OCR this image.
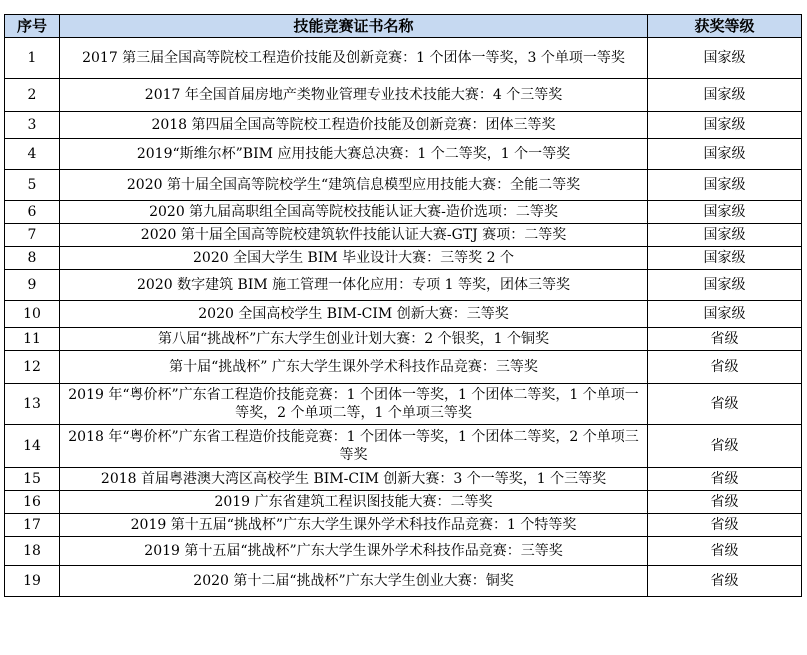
序号	技能竞赛证书名称	获奖等级
1	2017 第三届全国高等院校工程造价技能及创新竞赛：1 个团体一等奖，3 个单项一等奖	国家级
2	2017 年全国首届房地产类物业管理专业技术技能大赛：4 个三等奖	国家级
3	2018 第四届全国高等院校工程造价技能及创新竞赛：团体三等奖	国家级
4	2019“斯维尔杯”BIM 应用技能大赛总决赛：1 个二等奖，1 个一等奖	国家级
5	2020 第十届全国高等院校学生“建筑信息模型应用技能大赛：全能二等奖	国家级
6	2020 第九届高职组全国高等院校技能认证大赛-造价选项：二等奖	国家级
7	2020 第十届全国高等院校建筑软件技能认证大赛-GTJ 赛项：二等奖	国家级
8	2020 全国大学生 BIM 毕业设计大赛：三等奖 2 个	国家级
9	2020 数字建筑 BIM 施工管理一体化应用：专项 1 等奖，团体三等奖	国家级
10	2020 全国高校学生 BIM-CIM 创新大赛：三等奖	国家级
11	第八届“挑战杯”广东大学生创业计划大赛：2 个银奖，1 个铜奖	省级
12	第十届“挑战杯” 广东大学生课外学术科技作品竞赛：三等奖	省级
13	2019 年“粤价杯”广东省工程造价技能竞赛：1 个团体一等奖，1 个团体二等奖，1 个单项一等奖，2 个单项二等，1 个单项三等奖	省级
14	2018 年“粤价杯”广东省工程造价技能竞赛：1 个团体一等奖，1 个团体二等奖，2 个单项三等奖	省级
15	2018 首届粤港澳大湾区高校学生 BIM-CIM 创新大赛：3 个一等奖，1 个三等奖	省级
16	2019 广东省建筑工程识图技能大赛：二等奖	省级
17	2019 第十五届“挑战杯”广东大学生课外学术科技作品竞赛：1 个特等奖	省级
18	2019 第十五届“挑战杯”广东大学生课外学术科技作品竞赛：三等奖	省级
19	2020 第十二届“挑战杯”广东大学生创业大赛：铜奖	省级
